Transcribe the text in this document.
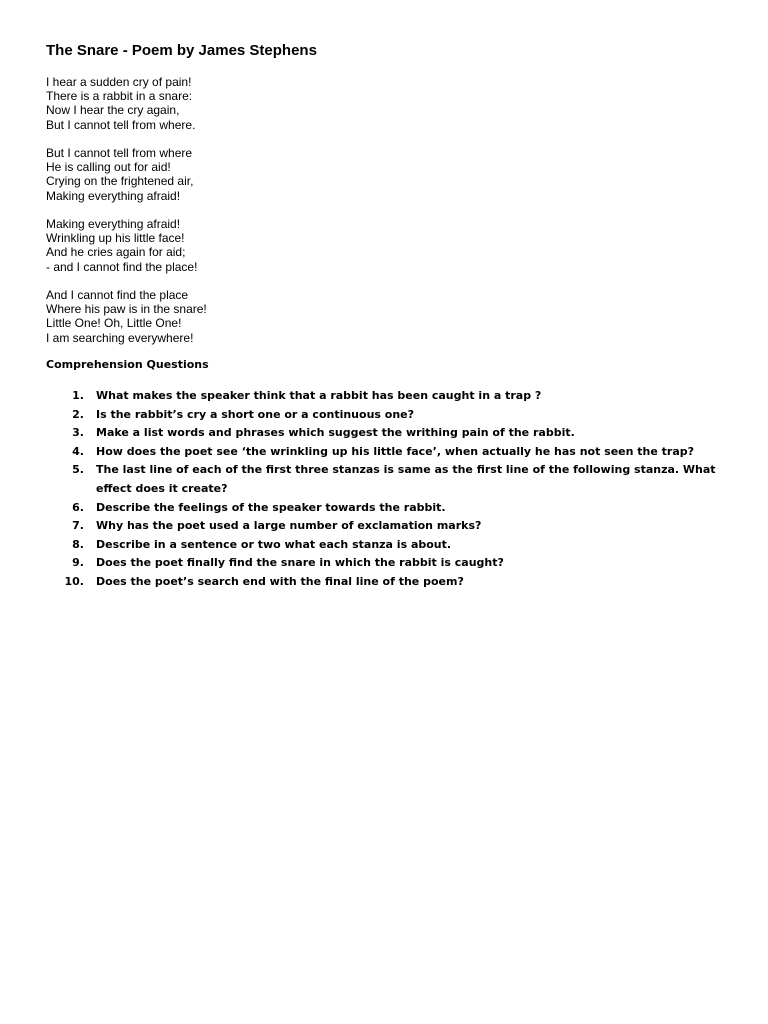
The Snare - Poem by James Stephens
I hear a sudden cry of pain!
There is a rabbit in a snare:
Now I hear the cry again,
But I cannot tell from where.
But I cannot tell from where
He is calling out for aid!
Crying on the frightened air,
Making everything afraid!
Making everything afraid!
Wrinkling up his little face!
And he cries again for aid;
- and I cannot find the place!
And I cannot find the place
Where his paw is in the snare!
Little One! Oh, Little One!
I am searching everywhere!
Comprehension Questions
1.	What makes the speaker think that a rabbit has been caught in a trap ?
2.	Is the rabbit’s cry a short one or a continuous one?
3.	Make a list words and phrases which suggest the writhing pain of the rabbit.
4.	How does the poet see ‘the wrinkling up his little face’, when actually he has not seen the trap?
5.	The last line of each of the first three stanzas is same as the first line of the following stanza. What effect does it create?
6.	Describe the feelings of the speaker towards the rabbit.
7.	Why has the poet used a large number of exclamation marks?
8.	Describe in a sentence or two what each stanza is about.
9.	Does the poet finally find the snare in which the rabbit is caught?
10.	Does the poet’s search end with the final line of the poem?
